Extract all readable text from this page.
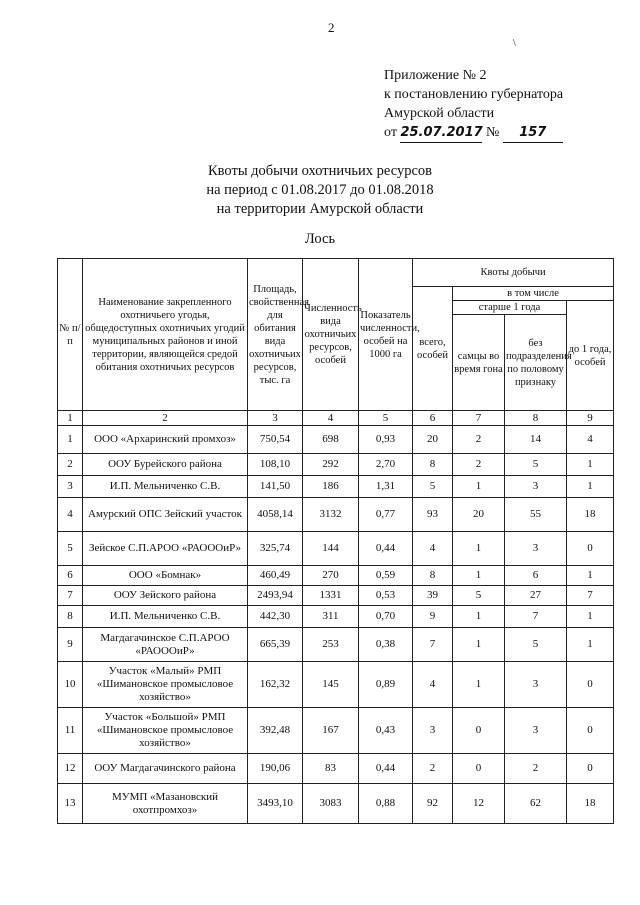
2
\
Приложение № 2
к постановлению губернатора
Амурской области
от 25.07.2017 № 157
Квоты добычи охотничьих ресурсов
на период с 01.08.2017 до 01.08.2018
на территории Амурской области
Лось
№ п/п	Наименование закрепленного охотничьего угодья, общедоступных охотничьих угодий муниципальных районов и иной территории, являющейся средой обитания охотничьих ресурсов	Площадь, свойственная для обитания вида охотничьих ресурсов, тыс. га	Численность вида охотничьих ресурсов, особей	Показатель численности, особей на 1000 га	Квоты добычи			
					всего, особей	в том числе		
						старше 1 года		до 1 года, особей
						самцы во время гона	без подразделения по половому признаку	
1	2	3	4	5	6	7	8	9
1	ООО «Архаринский промхоз»	750,54	698	0,93	20	2	14	4
2	ООУ Бурейского района	108,10	292	2,70	8	2	5	1
3	И.П. Мельниченко С.В.	141,50	186	1,31	5	1	3	1
4	Амурский ОПС Зейский участок	4058,14	3132	0,77	93	20	55	18
5	Зейское С.П.АРОО «РАОООиР»	325,74	144	0,44	4	1	3	0
6	ООО «Бомнак»	460,49	270	0,59	8	1	6	1
7	ООУ Зейского района	2493,94	1331	0,53	39	5	27	7
8	И.П. Мельниченко С.В.	442,30	311	0,70	9	1	7	1
9	Магдагачинское С.П.АРОО «РАОООиР»	665,39	253	0,38	7	1	5	1
10	Участок «Малый» РМП «Шимановское промысловое хозяйство»	162,32	145	0,89	4	1	3	0
11	Участок «Большой» РМП «Шимановское промысловое хозяйство»	392,48	167	0,43	3	0	3	0
12	ООУ Магдагачинского района	190,06	83	0,44	2	0	2	0
13	МУМП «Мазановский охотпромхоз»	3493,10	3083	0,88	92	12	62	18
